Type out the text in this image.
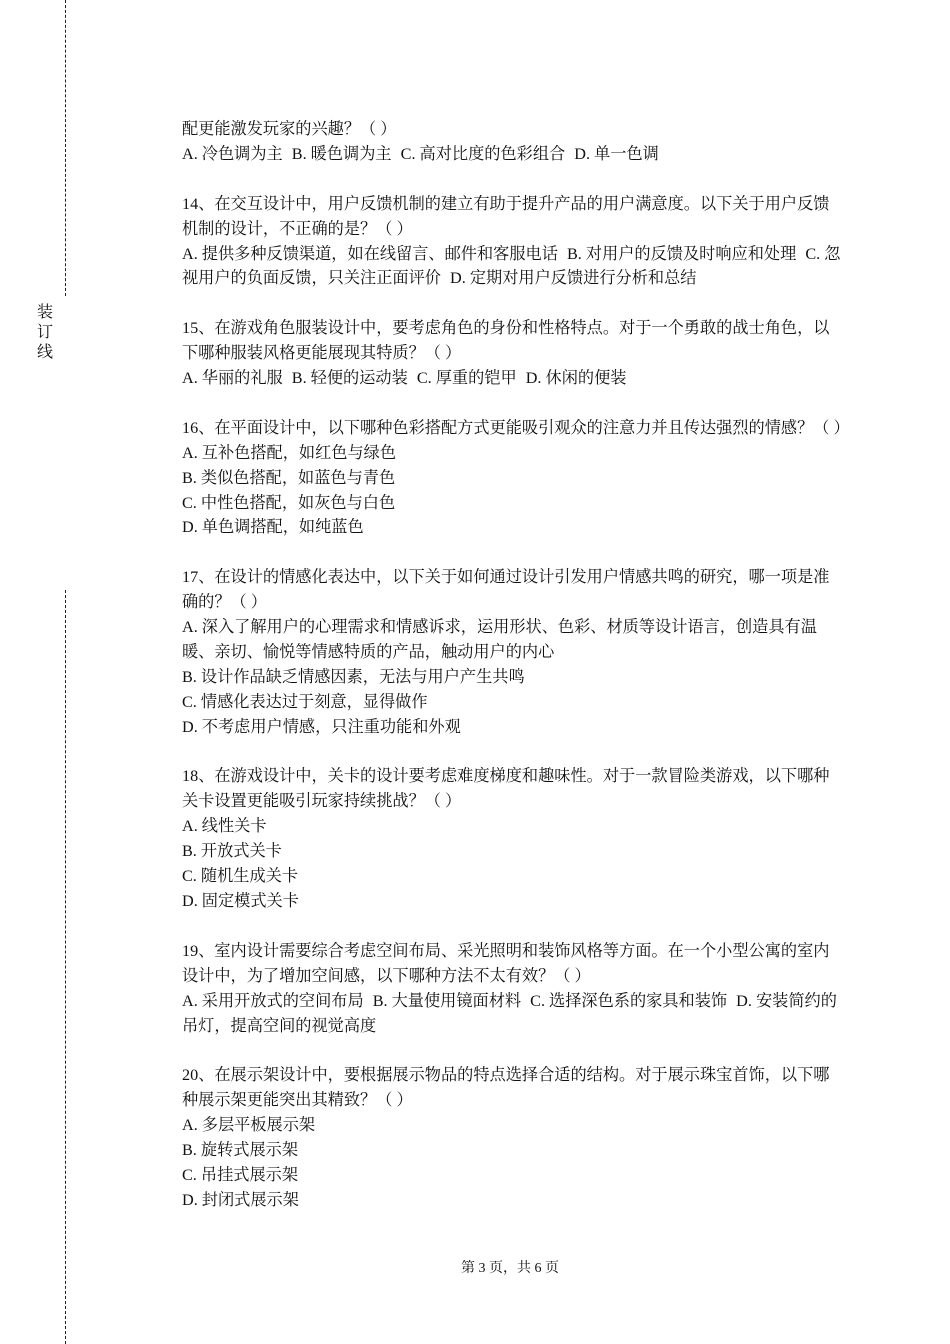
装订线
配更能激发玩家的兴趣？（ ）
A. 冷色调为主 B. 暖色调为主 C. 高对比度的色彩组合 D. 单一色调
14、在交互设计中，用户反馈机制的建立有助于提升产品的用户满意度。以下关于用户反馈机制的设计，不正确的是？（ ）
A. 提供多种反馈渠道，如在线留言、邮件和客服电话 B. 对用户的反馈及时响应和处理 C. 忽视用户的负面反馈，只关注正面评价 D. 定期对用户反馈进行分析和总结
15、在游戏角色服装设计中，要考虑角色的身份和性格特点。对于一个勇敢的战士角色，以下哪种服装风格更能展现其特质？（ ）
A. 华丽的礼服 B. 轻便的运动装 C. 厚重的铠甲 D. 休闲的便装
16、在平面设计中，以下哪种色彩搭配方式更能吸引观众的注意力并且传达强烈的情感？（ ）
A. 互补色搭配，如红色与绿色
B. 类似色搭配，如蓝色与青色
C. 中性色搭配，如灰色与白色
D. 单色调搭配，如纯蓝色
17、在设计的情感化表达中，以下关于如何通过设计引发用户情感共鸣的研究，哪一项是准确的？（ ）
A. 深入了解用户的心理需求和情感诉求，运用形状、色彩、材质等设计语言，创造具有温暖、亲切、愉悦等情感特质的产品，触动用户的内心
B. 设计作品缺乏情感因素，无法与用户产生共鸣
C. 情感化表达过于刻意，显得做作
D. 不考虑用户情感，只注重功能和外观
18、在游戏设计中，关卡的设计要考虑难度梯度和趣味性。对于一款冒险类游戏，以下哪种关卡设置更能吸引玩家持续挑战？（ ）
A. 线性关卡
B. 开放式关卡
C. 随机生成关卡
D. 固定模式关卡
19、室内设计需要综合考虑空间布局、采光照明和装饰风格等方面。在一个小型公寓的室内设计中，为了增加空间感，以下哪种方法不太有效？（ ）
A. 采用开放式的空间布局 B. 大量使用镜面材料 C. 选择深色系的家具和装饰 D. 安装简约的吊灯，提高空间的视觉高度
20、在展示架设计中，要根据展示物品的特点选择合适的结构。对于展示珠宝首饰，以下哪种展示架更能突出其精致？（ ）
A. 多层平板展示架
B. 旋转式展示架
C. 吊挂式展示架
D. 封闭式展示架
第 3 页，共 6 页
